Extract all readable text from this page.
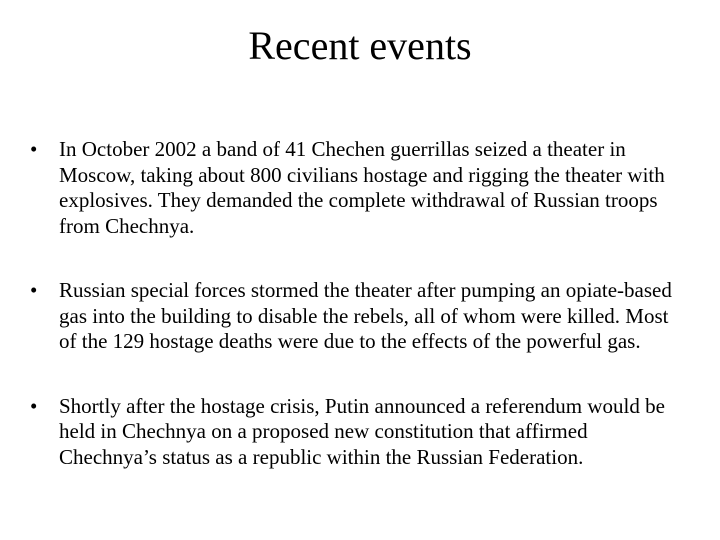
Recent events
•	In October 2002 a band of 41 Chechen guerrillas seized a theater in Moscow, taking about 800 civilians hostage and rigging the theater with explosives. They demanded the complete withdrawal of Russian troops from Chechnya.
•	Russian special forces stormed the theater after pumping an opiate-based gas into the building to disable the rebels, all of whom were killed. Most of the 129 hostage deaths were due to the effects of the powerful gas.
•	Shortly after the hostage crisis, Putin announced a referendum would be held in Chechnya on a proposed new constitution that affirmed Chechnya’s status as a republic within the Russian Federation.
